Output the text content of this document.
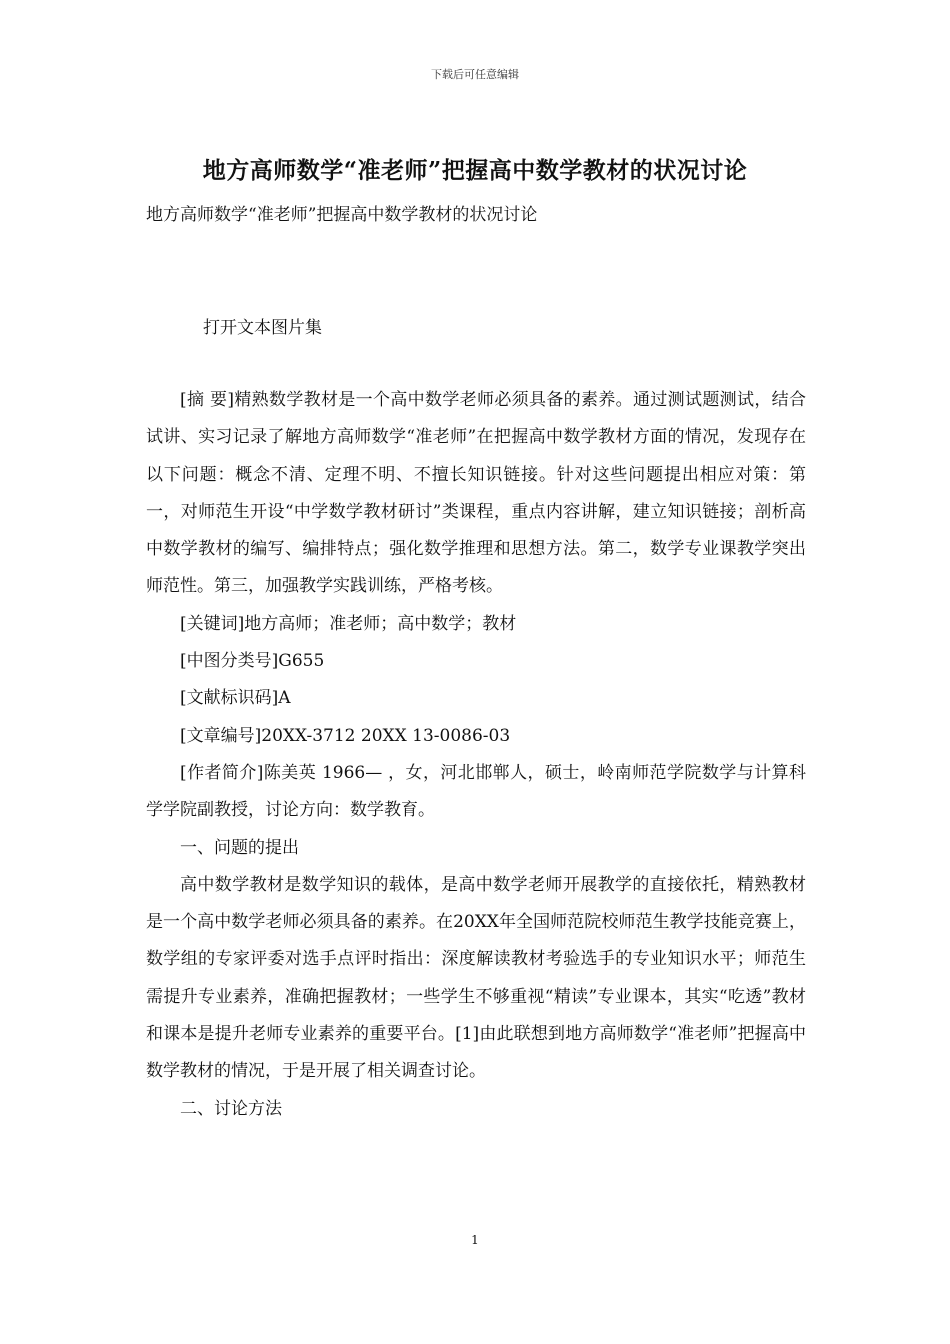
下载后可任意编辑
地方高师数学“准老师”把握高中数学教材的状况讨论
地方高师数学“准老师”把握高中数学教材的状况讨论
打开文本图片集

[摘 要]精熟数学教材是一个高中数学老师必须具备的素养。通过测试题测试，结合试讲、实习记录了解地方高师数学“准老师”在把握高中数学教材方面的情况，发现存在以下问题：概念不清、定理不明、不擅长知识链接。针对这些问题提出相应对策：第一，对师范生开设“中学数学教材研讨”类课程，重点内容讲解，建立知识链接；剖析高中数学教材的编写、编排特点；强化数学推理和思想方法。第二，数学专业课教学突出师范性。第三，加强教学实践训练，严格考核。

[关键词]地方高师；准老师；高中数学；教材

[中图分类号]G655

[文献标识码]A

[文章编号]20XX-3712 20XX 13-0086-03

[作者简介]陈美英 1966— ，女，河北邯郸人，硕士，岭南师范学院数学与计算科学学院副教授，讨论方向：数学教育。

一、问题的提出

高中数学教材是数学知识的载体，是高中数学老师开展教学的直接依托，精熟教材是一个高中数学老师必须具备的素养。在20XX年全国师范院校师范生教学技能竞赛上，数学组的专家评委对选手点评时指出：深度解读教材考验选手的专业知识水平；师范生需提升专业素养，准确把握教材；一些学生不够重视“精读”专业课本，其实“吃透”教材和课本是提升老师专业素养的重要平台。[1]由此联想到地方高师数学“准老师”把握高中数学教材的情况，于是开展了相关调查讨论。

二、讨论方法

1
